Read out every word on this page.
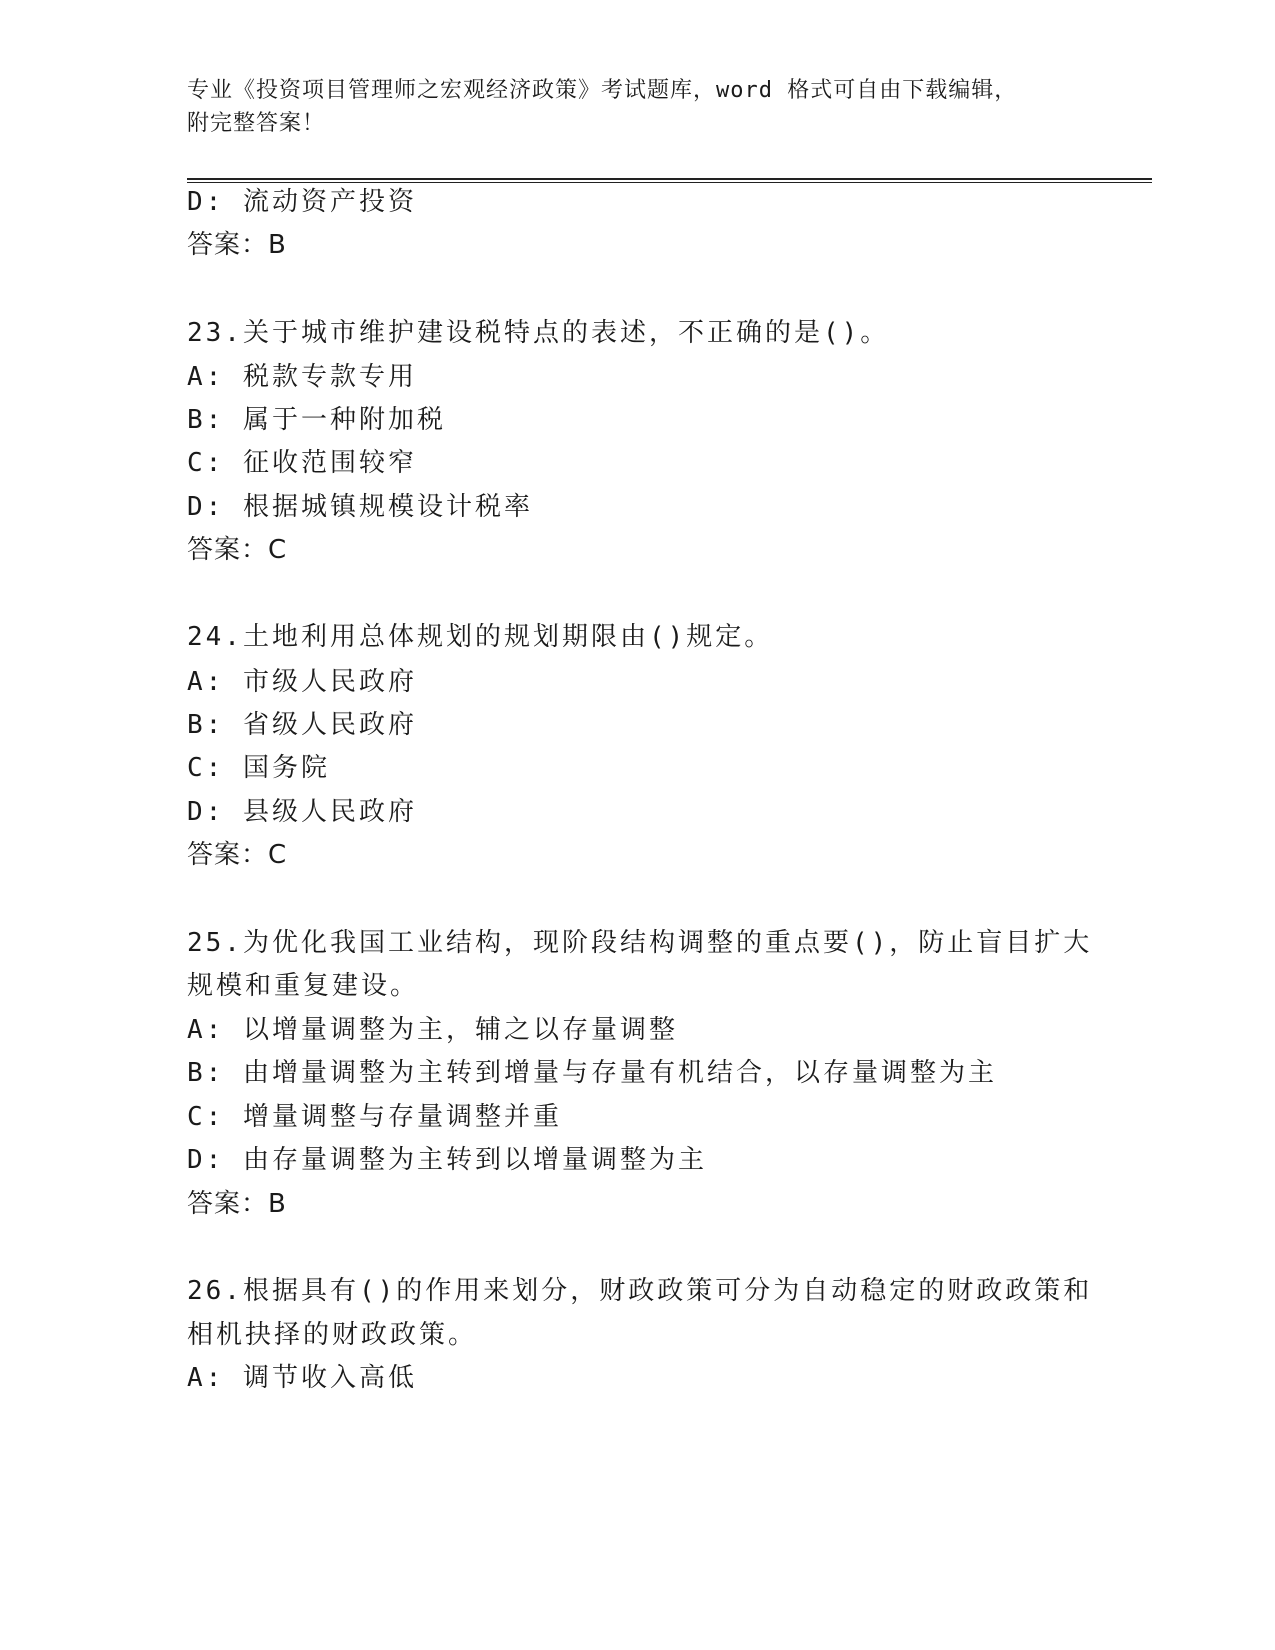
专业《投资项目管理师之宏观经济政策》考试题库，word 格式可自由下载编辑，
附完整答案！
D: 流动资产投资
答案：B
23.关于城市维护建设税特点的表述，不正确的是()。
A: 税款专款专用
B: 属于一种附加税
C: 征收范围较窄
D: 根据城镇规模设计税率
答案：C
24.土地利用总体规划的规划期限由()规定。
A: 市级人民政府
B: 省级人民政府
C: 国务院
D: 县级人民政府
答案：C
25.为优化我国工业结构，现阶段结构调整的重点要()，防止盲目扩大
规模和重复建设。
A: 以增量调整为主，辅之以存量调整
B: 由增量调整为主转到增量与存量有机结合，以存量调整为主
C: 增量调整与存量调整并重
D: 由存量调整为主转到以增量调整为主
答案：B
26.根据具有()的作用来划分，财政政策可分为自动稳定的财政政策和
相机抉择的财政政策。
A: 调节收入高低
